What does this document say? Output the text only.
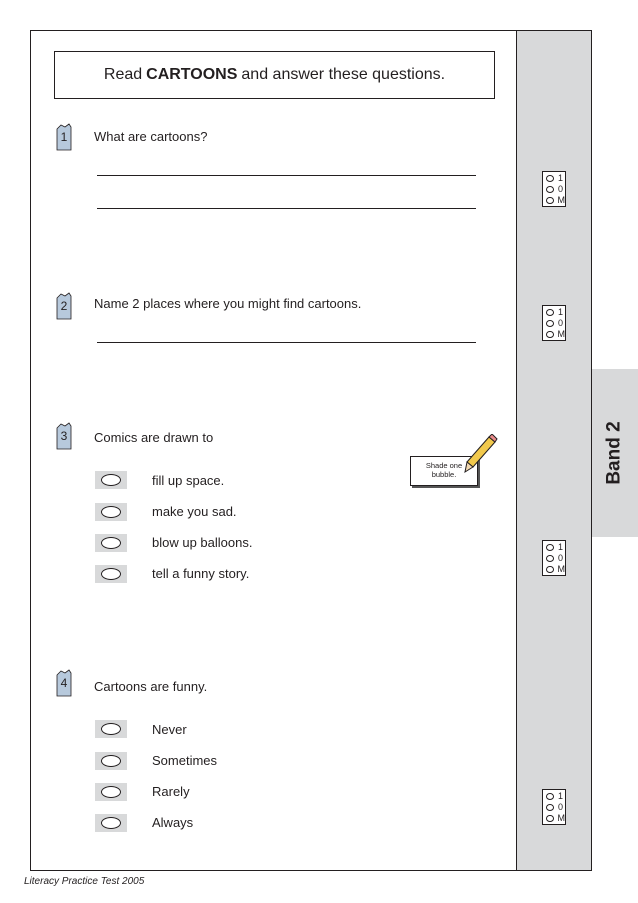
Band 2
Read CARTOONS and answer these questions.
1	What are cartoons?
2	Name 2 places where you might find cartoons.
3	Comics are drawn to
fill up space.
make you sad.
blow up balloons.
tell a funny story.
Shade one
bubble.
4	Cartoons are funny.
Never
Sometimes
Rarely
Always
1
0
M
1
0
M
1
0
M
1
0
M
Literacy Practice Test 2005
